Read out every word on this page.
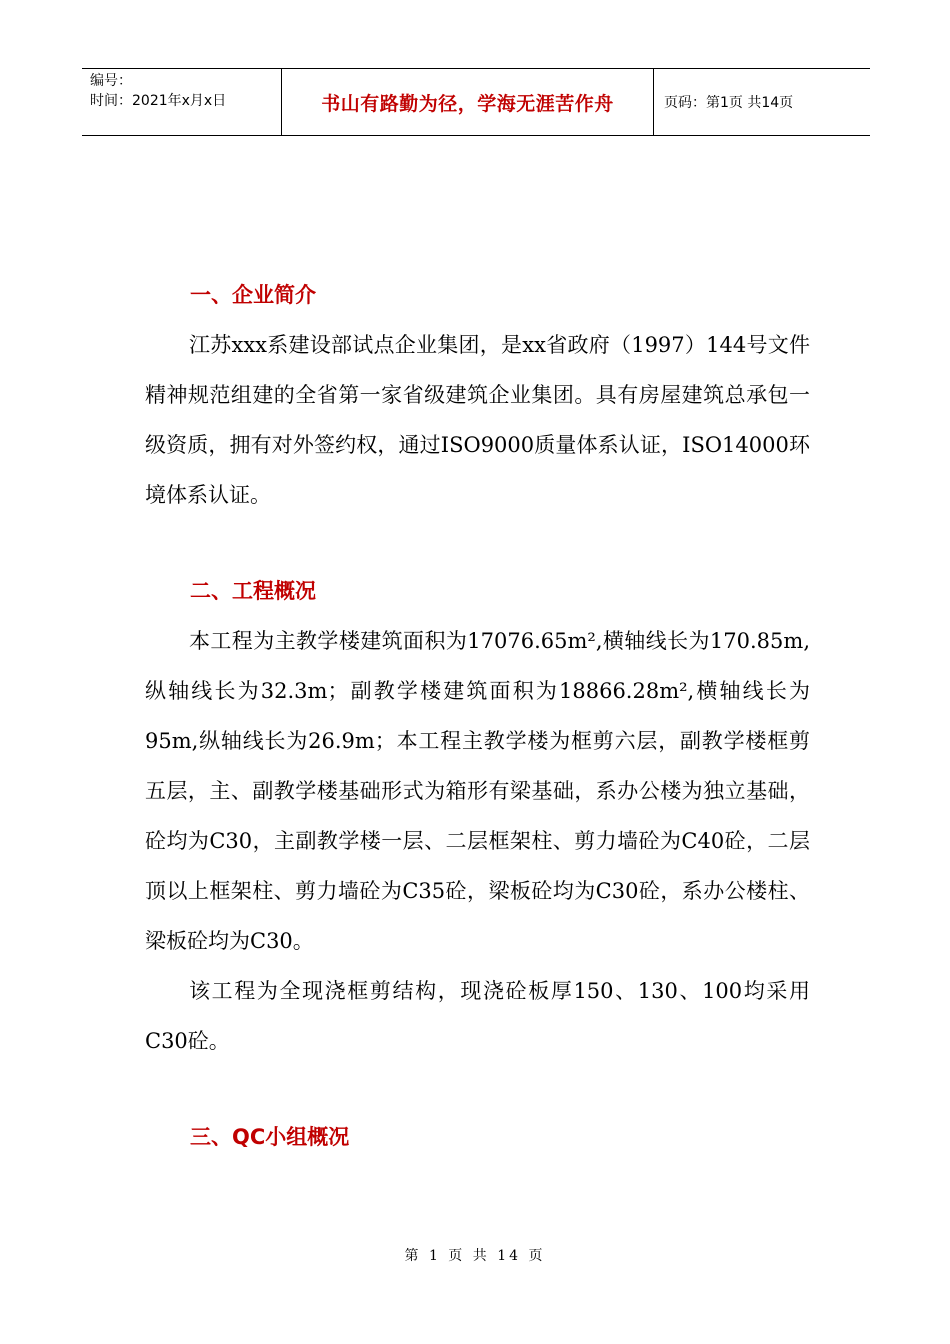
编号：
时间：2021年x月x日	书山有路勤为径，学海无涯苦作舟	页码：第1页 共14页
一、企业简介

江苏xxx系建设部试点企业集团，是xx省政府（1997）144号文件精神规范组建的全省第一家省级建筑企业集团。具有房屋建筑总承包一级资质，拥有对外签约权，通过ISO9000质量体系认证，ISO14000环境体系认证。

二、工程概况

本工程为主教学楼建筑面积为17076.65m²,横轴线长为170.85m,纵轴线长为32.3m；副教学楼建筑面积为18866.28m²,横轴线长为95m,纵轴线长为26.9m；本工程主教学楼为框剪六层，副教学楼框剪五层，主、副教学楼基础形式为箱形有梁基础，系办公楼为独立基础，砼均为C30，主副教学楼一层、二层框架柱、剪力墙砼为C40砼，二层顶以上框架柱、剪力墙砼为C35砼，梁板砼均为C30砼，系办公楼柱、梁板砼均为C30。

该工程为全现浇框剪结构，现浇砼板厚150、130、100均采用C30砼。

三、QC小组概况
第 1 页 共 14 页
